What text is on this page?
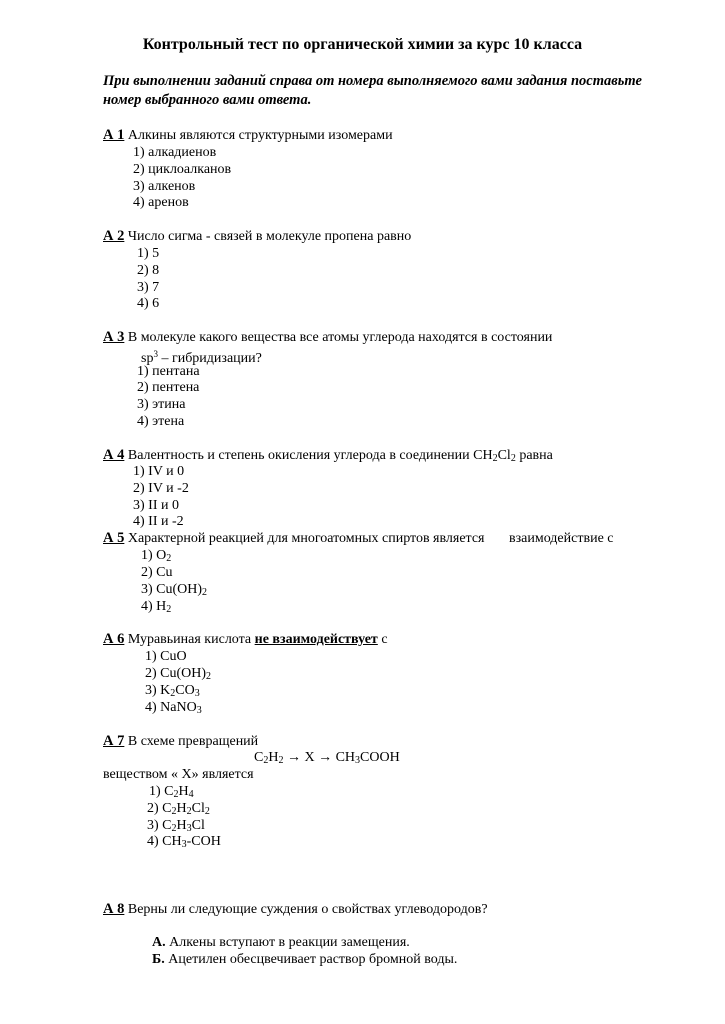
Контрольный тест по органической химии за курс 10 класса
При выполнении заданий справа от номера выполняемого вами задания поставьте
номер выбранного вами ответа.
А 1 Алкины являются структурными изомерами
1) алкадиенов
2) циклоалканов
3) алкенов
4) аренов
А 2 Число сигма - связей в молекуле пропена равно
1) 5
2) 8
3) 7
4) 6
А 3 В молекуле какого вещества все атомы углерода находятся в состоянии
$sp^3$ – гибридизации?
1) пентана
2) пентена
3) этина
4) этена
А 4 Валентность и степень окисления углерода в соединении $CH_2Cl_2$ равна
1) IV и 0
2) IV и -2
3) II и 0
4) II и -2
А 5 Характерной реакцией для многоатомных спиртов является       взаимодействие с
1) $O_2$
2) Cu
3) $Cu(OH)_2$
4) $H_2$
А 6 Муравьиная кислота не взаимодействует с
1) CuO
2) $Cu(OH)_2$
3) $K_2CO_3$
4) NaNO$_3$
А 7 В схеме превращений
$C_2H_2 \to X$ → $CH_3COOH$
веществом « X» является
1) $C_2H_4$
2) $C_2H_2Cl_2$
3) $C_2H_3Cl$
4) $CH_3$-COH
А 8 Верны ли следующие суждения о свойствах углеводородов?
А. Алкены вступают в реакции замещения.
Б. Ацетилен обесцвечивает раствор бромной воды.
